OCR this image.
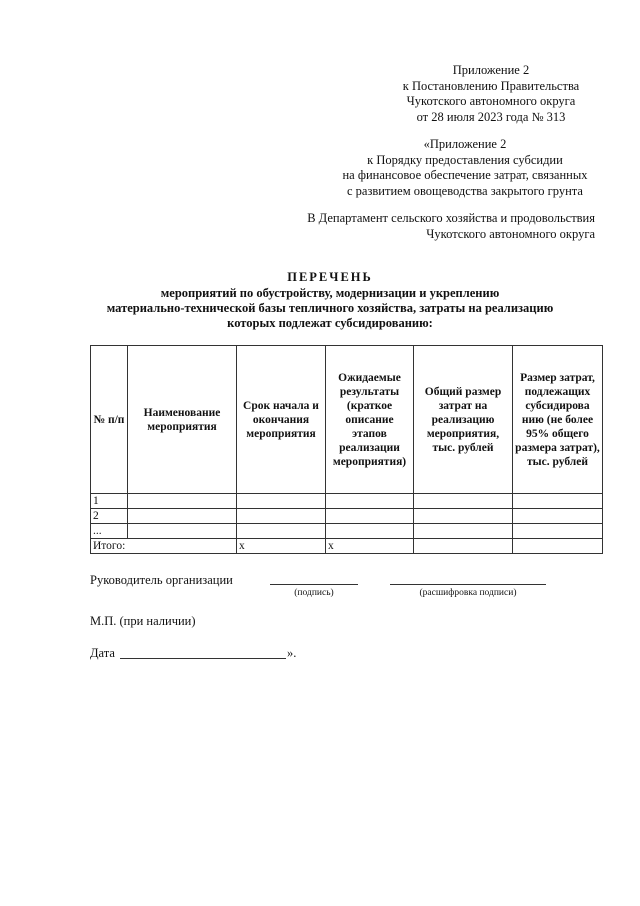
Приложение 2
к Постановлению Правительства
Чукотского автономного округа
от 28 июля 2023 года № 313
«Приложение 2
к Порядку предоставления субсидии
на финансовое обеспечение затрат, связанных
с развитием овощеводства закрытого грунта
В Департамент сельского хозяйства и продовольствия
Чукотского автономного округа
ПЕРЕЧЕНЬ
мероприятий по обустройству, модернизации и укреплению
материально-технической базы тепличного хозяйства, затраты на реализацию
которых подлежат субсидированию:
№ п/п	Наименование мероприятия	Срок начала и окончания мероприятия	Ожидаемые результаты (краткое описание этапов реализации мероприятия)	Общий размер затрат на реализацию мероприятия, тыс. рублей	Размер затрат, подлежащих субсидирова нию (не более 95% общего размера затрат), тыс. рублей
1					
2					
...					
Итого:		х	х		
Руководитель организации
(подпись)	(расшифровка подписи)
М.П. (при наличии)
Дата	».
